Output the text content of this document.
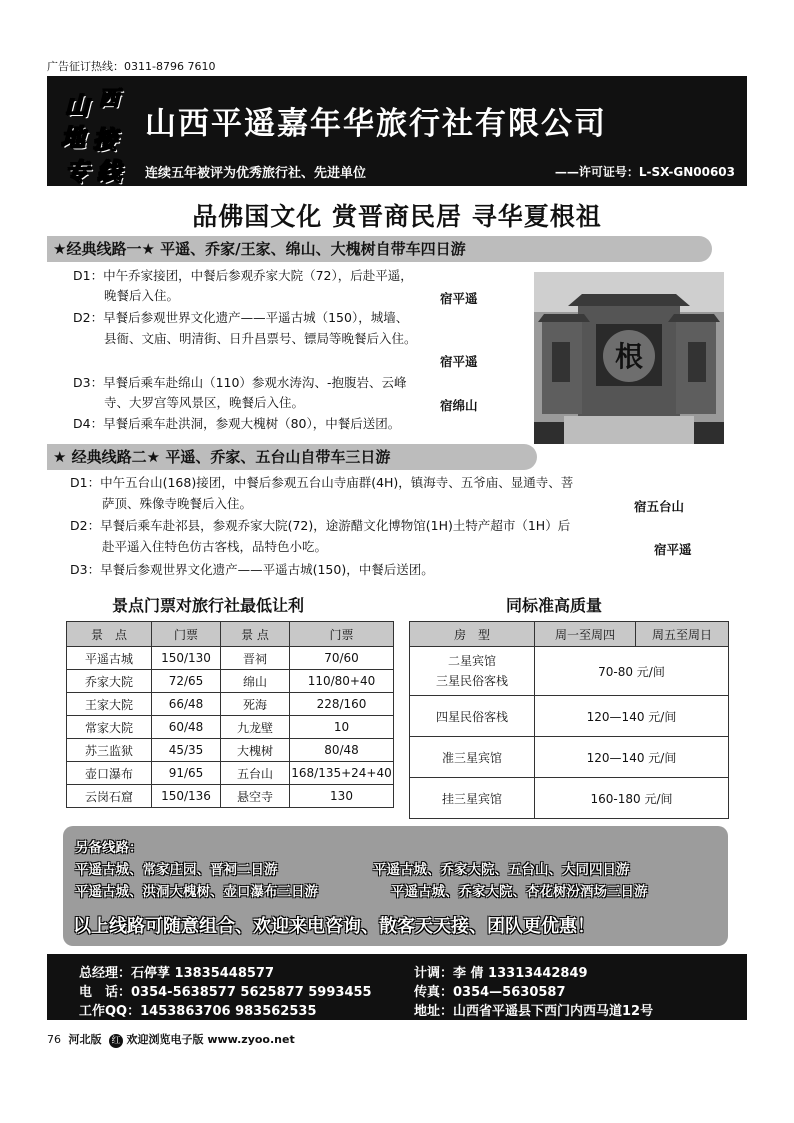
广告征订热线：0311-8796 7610
山 西
地 接
专 线
山西平遥嘉年华旅行社有限公司
连续五年被评为优秀旅行社、先进单位	——许可证号：L-SX-GN00603
品佛国文化 赏晋商民居 寻华夏根祖
★经典线路一★ 平遥、乔家/王家、绵山、大槐树自带车四日游
D1：中午乔家接团，中餐后参观乔家大院（72），后赴平遥，
晚餐后入住。	宿平遥
D2：早餐后参观世界文化遗产——平遥古城（150），城墙、
县衙、文庙、明清街、日升昌票号、镖局等晚餐后入住。
宿平遥
D3：早餐后乘车赴绵山（110）参观水涛沟、-抱腹岩、云峰
寺、大罗宫等风景区，晚餐后入住。	宿绵山
D4：早餐后乘车赴洪洞，参观大槐树（80），中餐后送团。
根
★ 经典线路二★ 平遥、乔家、五台山自带车三日游
D1：中午五台山(168)接团，中餐后参观五台山寺庙群(4H)，镇海寺、五爷庙、显通寺、菩
萨顶、殊像寺晚餐后入住。	宿五台山
D2：早餐后乘车赴祁县，参观乔家大院(72)，途游醋文化博物馆(1H)土特产超市（1H）后
赴平遥入住特色仿古客栈，品特色小吃。	宿平遥
D3：早餐后参观世界文化遗产——平遥古城(150)，中餐后送团。
景点门票对旅行社最低让利
景　点	门票	景 点	门票
平遥古城	150/130	晋祠	70/60
乔家大院	72/65	绵山	110/80+40
王家大院	66/48	死海	228/160
常家大院	60/48	九龙壁	10
苏三监狱	45/35	大槐树	80/48
壶口瀑布	91/65	五台山	168/135+24+40
云岗石窟	150/136	悬空寺	130
同标准高质量
房　型	周一至周四	周五至周日

二星宾馆
三星民俗客栈	70-80 元/间	
四星民俗客栈	120—140 元/间	
准三星宾馆	120—140 元/间	
挂三星宾馆	160-180 元/间	
另备线路：
平遥古城、常家庄园、晋祠二日游	平遥古城、乔家大院、五台山、大同四日游
平遥古城、洪洞大槐树、壶口瀑布三日游	平遥古城、乔家大院、杏花树汾酒场三日游
以上线路可随意组合、欢迎来电咨询、散客天天接、团队更优惠！
总经理：石停莩 13835448577
电　话：0354-5638577 5625877 5993455
工作QQ：1453863706 983562535
计调：李 倩 13313442849
传真：0354—5630587
地址：山西省平遥县下西门内西马道12号
76 河北版 红 欢迎浏览电子版 www.zyoo.net
